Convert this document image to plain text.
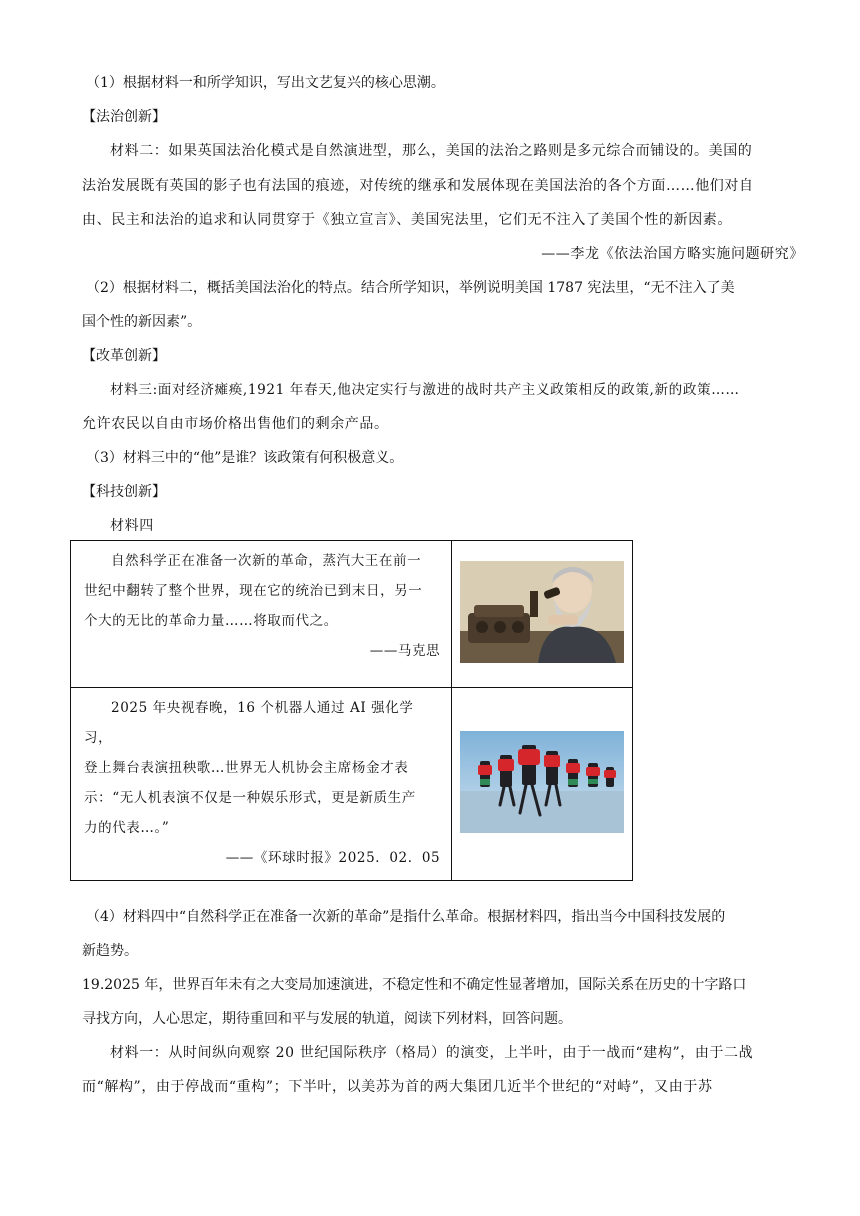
（1）根据材料一和所学知识，写出文艺复兴的核心思潮。
【法治创新】
材料二：如果英国法治化模式是自然演进型，那么，美国的法治之路则是多元综合而铺设的。美国的
法治发展既有英国的影子也有法国的痕迹，对传统的继承和发展体现在美国法治的各个方面……他们对自
由、民主和法治的追求和认同贯穿于《独立宣言》、美国宪法里，它们无不注入了美国个性的新因素。
——李龙《依法治国方略实施问题研究》
（2）根据材料二，概括美国法治化的特点。结合所学知识，举例说明美国 1787 宪法里，“无不注入了美
国个性的新因素”。
【改革创新】
材料三:面对经济瘫痪,1921 年春天,他决定实行与激进的战时共产主义政策相反的政策,新的政策……
允许农民以自由市场价格出售他们的剩余产品。
（3）材料三中的“他”是谁？该政策有何积极意义。
【科技创新】
材料四
自然科学正在准备一次新的革命，蒸汽大王在前一
世纪中翻转了整个世界，现在它的统治已到末日，另一
个大的无比的革命力量……将取而代之。
——马克思

2025 年央视春晚，16 个机器人通过 AI 强化学习，
登上舞台表演扭秧歌…世界无人机协会主席杨金才表
示：“无人机表演不仅是一种娱乐形式，更是新质生产
力的代表…。”
——《环球时报》2025．02．05

（4）材料四中“自然科学正在准备一次新的革命”是指什么革命。根据材料四，指出当今中国科技发展的
新趋势。
19.2025 年，世界百年未有之大变局加速演进，不稳定性和不确定性显著增加，国际关系在历史的十字路口
寻找方向，人心思定，期待重回和平与发展的轨道，阅读下列材料，回答问题。
材料一：从时间纵向观察 20 世纪国际秩序（格局）的演变，上半叶，由于一战而“建构”，由于二战
而“解构”，由于停战而“重构”；下半叶，以美苏为首的两大集团几近半个世纪的“对峙”，又由于苏
